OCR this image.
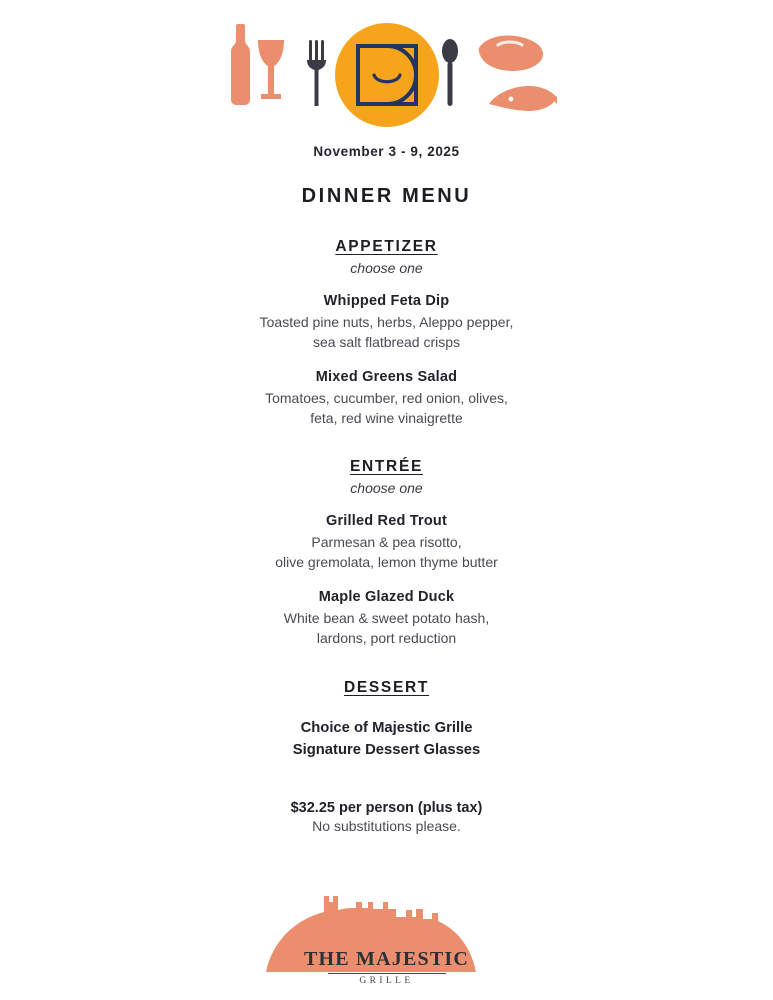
November 3 - 9, 2025
DINNER MENU
APPETIZER
choose one
Whipped Feta Dip
Toasted pine nuts, herbs, Aleppo pepper,
sea salt flatbread crisps
Mixed Greens Salad
Tomatoes, cucumber, red onion, olives,
feta, red wine vinaigrette
ENTRÉE
choose one
Grilled Red Trout
Parmesan & pea risotto,
olive gremolata, lemon thyme butter
Maple Glazed Duck
White bean & sweet potato hash,
lardons, port reduction
DESSERT
Choice of Majestic Grille
Signature Dessert Glasses
$32.25 per person (plus tax)
No substitutions please.
THE MAJESTIC
GRILLE
